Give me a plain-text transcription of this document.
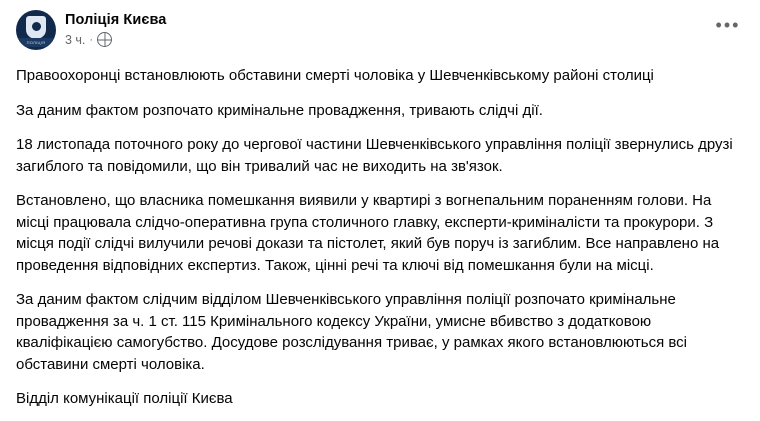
ПОЛІЦІЯ
Поліція Києва
3 ч. ·
•••

Правоохоронці встановлюють обставини смерті чоловіка у Шевченківському районі столиці

За даним фактом розпочато кримінальне провадження, тривають слідчі дії.

18 листопада поточного року до чергової частини Шевченківського управління поліції звернулись друзі загиблого та повідомили, що він тривалий час не виходить на зв'язок.

Встановлено, що власника помешкання виявили у квартирі з вогнепальним пораненням голови. На місці працювала слідчо-оперативна група столичного главку, експерти-криміналісти та прокурори. З місця події слідчі вилучили речові докази та пістолет, який був поруч із загиблим. Все направлено на проведення відповідних експертиз. Також, цінні речі та ключі від помешкання були на місці.

За даним фактом слідчим відділом Шевченківського управління поліції розпочато кримінальне провадження за ч. 1 ст. 115 Кримінального кодексу України, умисне вбивство з додатковою кваліфікацією самогубство. Досудове розслідування триває, у рамках якого встановлюються всі обставини смерті чоловіка.

Відділ комунікації поліції Києва
